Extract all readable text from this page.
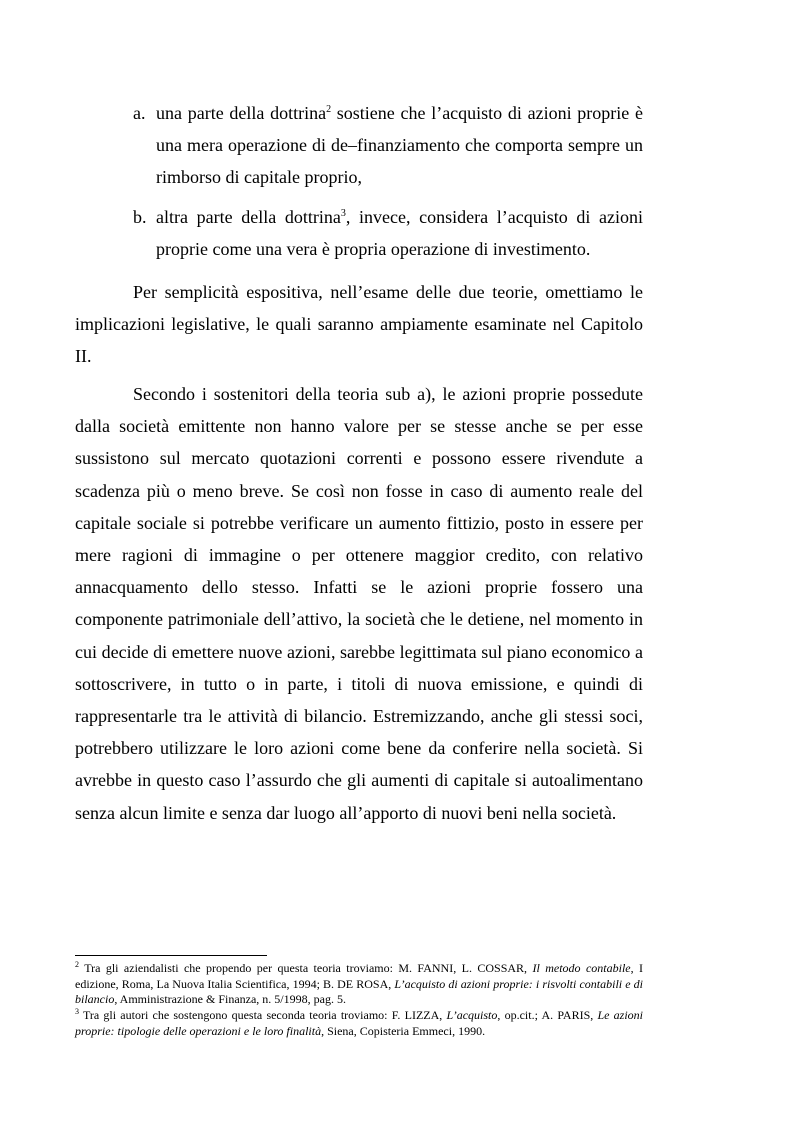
a. una parte della dottrina$^2$ sostiene che l’acquisto di azioni proprie è una mera operazione di de–finanziamento che comporta sempre un rimborso di capitale proprio,
b. altra parte della dottrina$^3$, invece, considera l’acquisto di azioni proprie come una vera è propria operazione di investimento.

Per semplicità espositiva, nell’esame delle due teorie, omettiamo le implicazioni legislative, le quali saranno ampiamente esaminate nel Capitolo II.

Secondo i sostenitori della teoria sub a), le azioni proprie possedute dalla società emittente non hanno valore per se stesse anche se per esse sussistono sul mercato quotazioni correnti e possono essere rivendute a scadenza più o meno breve. Se così non fosse in caso di aumento reale del capitale sociale si potrebbe verificare un aumento fittizio, posto in essere per mere ragioni di immagine o per ottenere maggior credito, con relativo annacquamento dello stesso. Infatti se le azioni proprie fossero una componente patrimoniale dell’attivo, la società che le detiene, nel momento in cui decide di emettere nuove azioni, sarebbe legittimata sul piano economico a sottoscrivere, in tutto o in parte, i titoli di nuova emissione, e quindi di rappresentarle tra le attività di bilancio. Estremizzando, anche gli stessi soci, potrebbero utilizzare le loro azioni come bene da conferire nella società. Si avrebbe in questo caso l’assurdo che gli aumenti di capitale si autoalimentano senza alcun limite e senza dar luogo all’apporto di nuovi beni nella società.

$^2$ Tra gli aziendalisti che propendo per questa teoria troviamo: M. FANNI, L. COSSAR, Il metodo contabile, I edizione, Roma, La Nuova Italia Scientifica, 1994; B. DE ROSA, L’acquisto di azioni proprie: i risvolti contabili e di bilancio, Amministrazione & Finanza, n. 5/1998, pag. 5.

$^3$ Tra gli autori che sostengono questa seconda teoria troviamo: F. LIZZA, L’acquisto, op.cit.; A. PARIS, Le azioni proprie: tipologie delle operazioni e le loro finalità, Siena, Copisteria Emmeci, 1990.
